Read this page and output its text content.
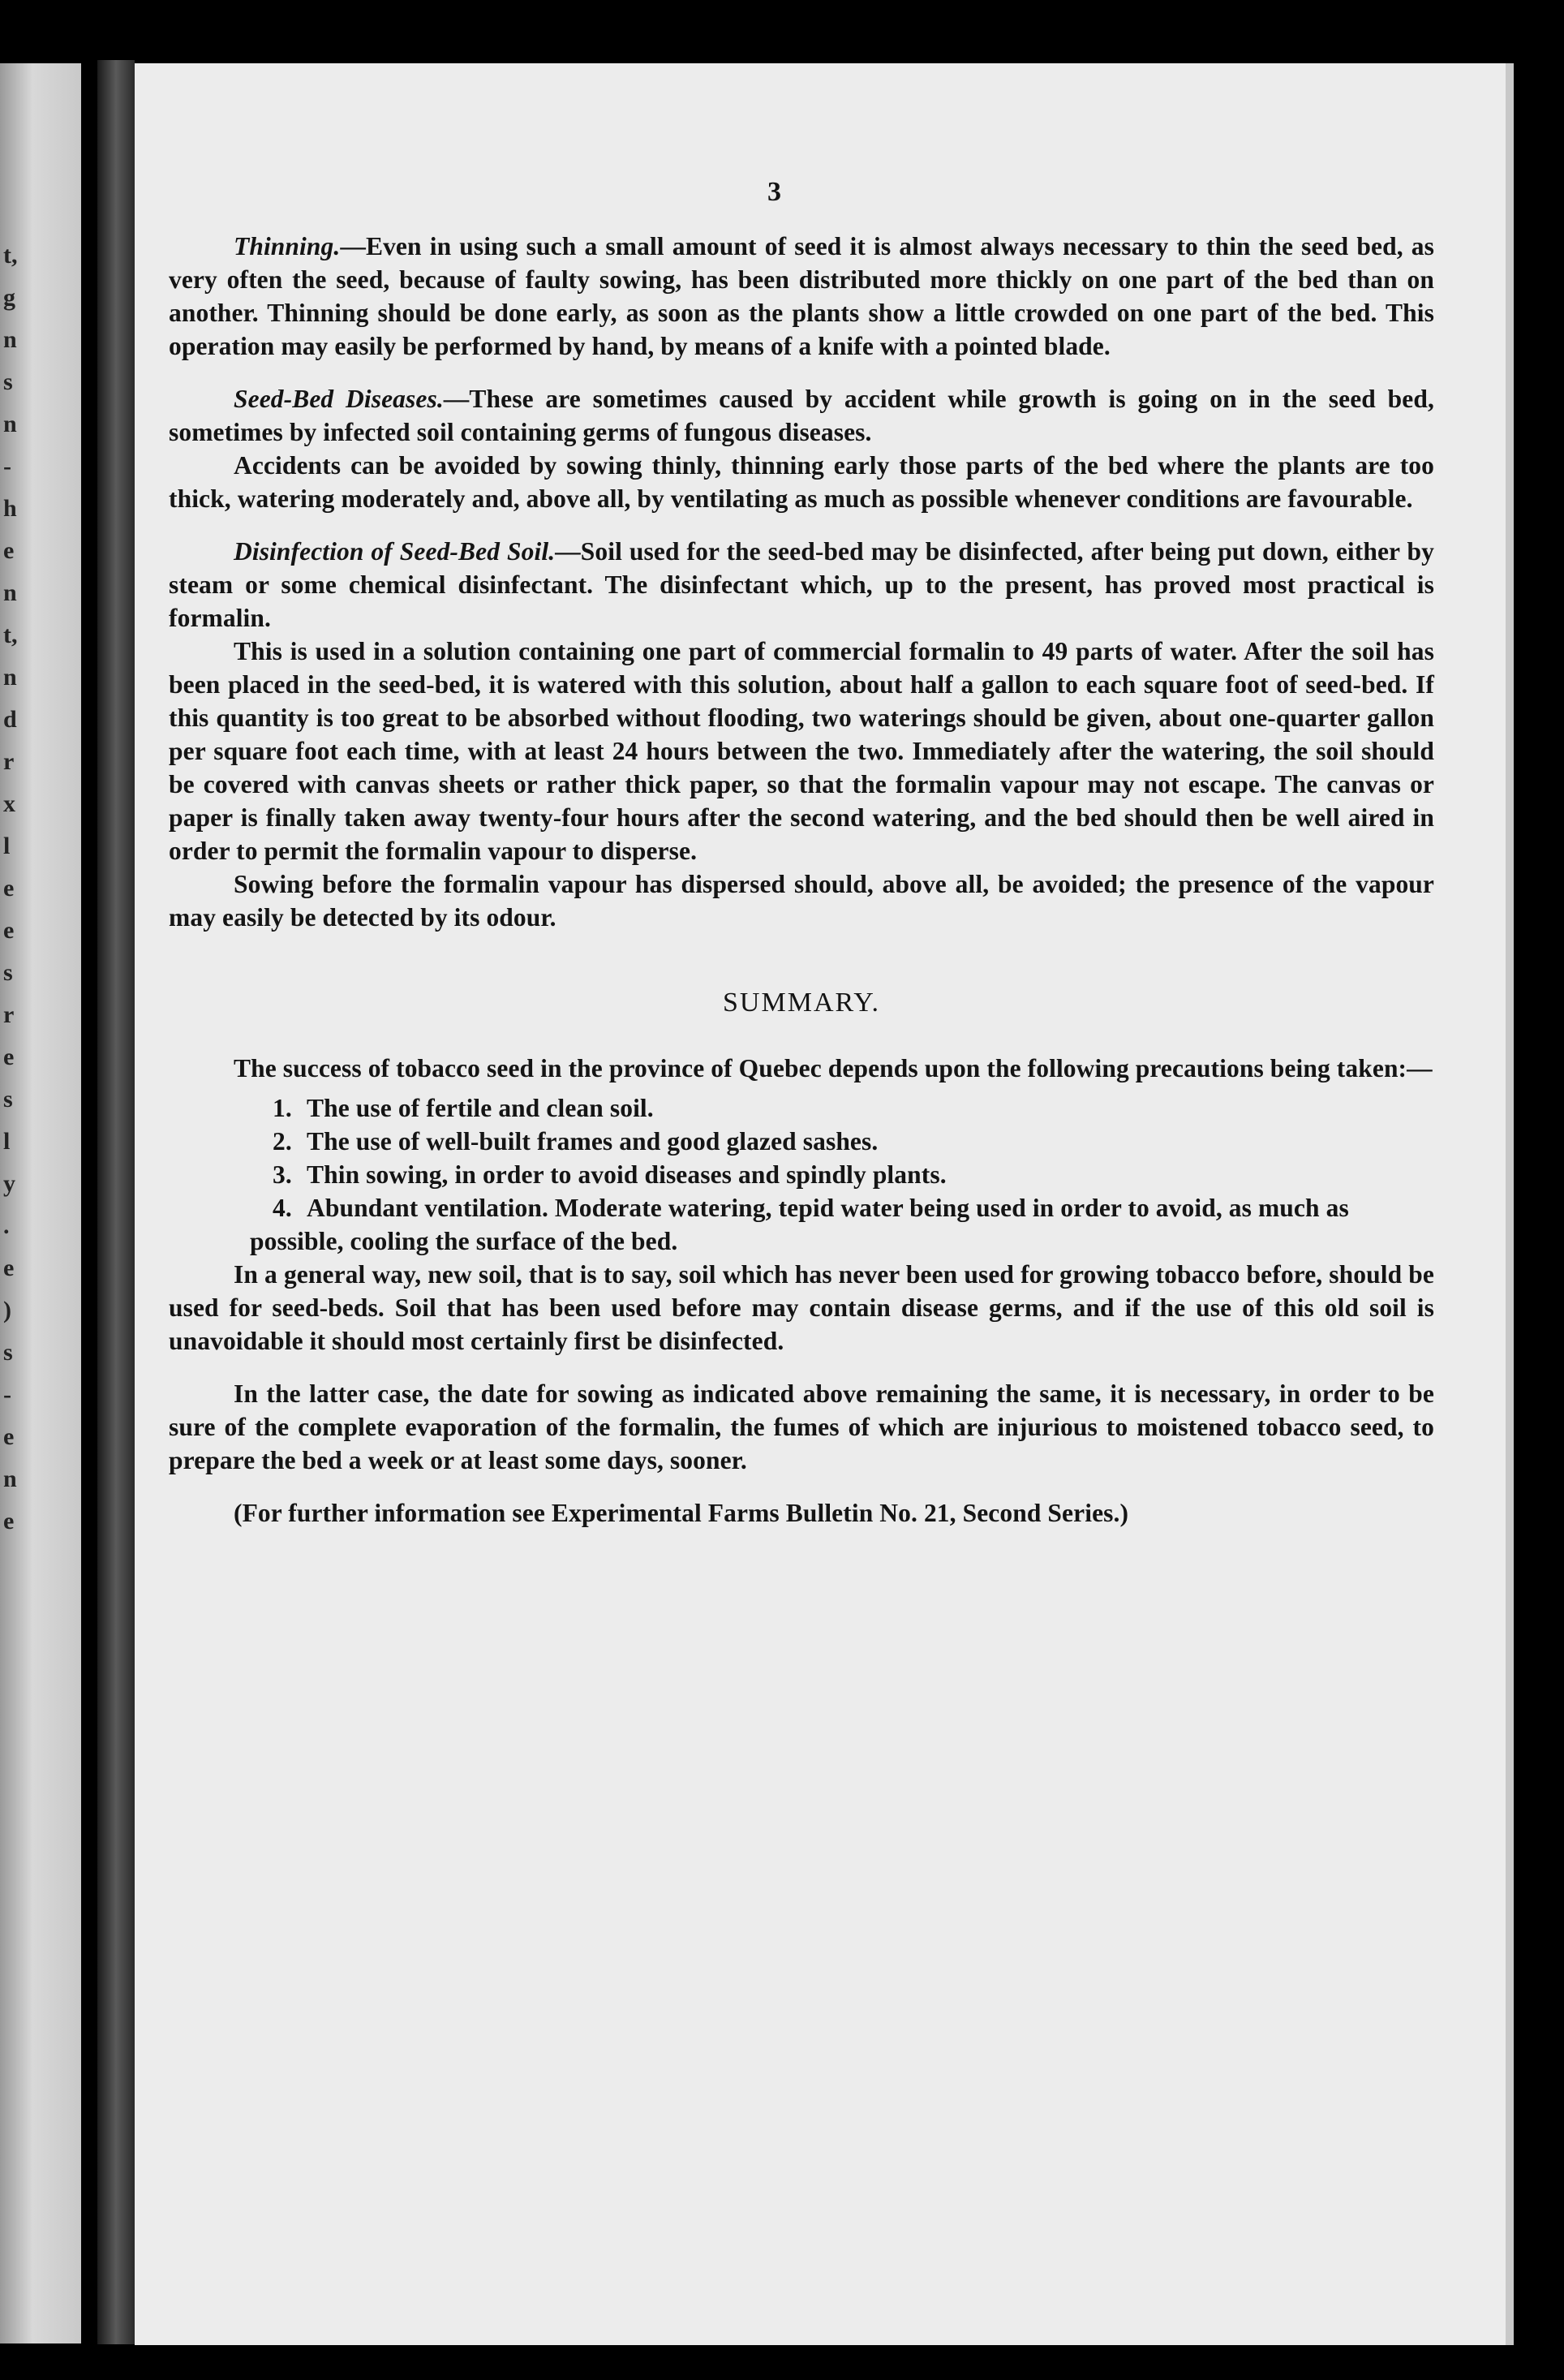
t,
g
n
s
n
-
h
e
n
t,
n
d
r
x
l
e
e
s
r
e
s
l
y
.
e
)
s
-
e
n
e
3

Thinning.—Even in using such a small amount of seed it is almost always necessary to thin the seed bed, as very often the seed, because of faulty sowing, has been distributed more thickly on one part of the bed than on another. Thinning should be done early, as soon as the plants show a little crowded on one part of the bed. This operation may easily be performed by hand, by means of a knife with a pointed blade.

Seed-Bed Diseases.—These are sometimes caused by accident while growth is going on in the seed bed, sometimes by infected soil containing germs of fungous diseases.

Accidents can be avoided by sowing thinly, thinning early those parts of the bed where the plants are too thick, watering moderately and, above all, by ventilating as much as possible whenever conditions are favourable.

Disinfection of Seed-Bed Soil.—Soil used for the seed-bed may be disinfected, after being put down, either by steam or some chemical disinfectant. The disinfectant which, up to the present, has proved most practical is formalin.

This is used in a solution containing one part of commercial formalin to 49 parts of water. After the soil has been placed in the seed-bed, it is watered with this solution, about half a gallon to each square foot of seed-bed. If this quantity is too great to be absorbed without flooding, two waterings should be given, about one-quarter gallon per square foot each time, with at least 24 hours between the two. Immediately after the watering, the soil should be covered with canvas sheets or rather thick paper, so that the formalin vapour may not escape. The canvas or paper is finally taken away twenty-four hours after the second watering, and the bed should then be well aired in order to permit the formalin vapour to disperse.

Sowing before the formalin vapour has dispersed should, above all, be avoided; the presence of the vapour may easily be detected by its odour.

SUMMARY.

The success of tobacco seed in the province of Quebec depends upon the following precautions being taken:—

1. The use of fertile and clean soil.
2. The use of well-built frames and good glazed sashes.
3. Thin sowing, in order to avoid diseases and spindly plants.
4. Abundant ventilation. Moderate watering, tepid water being used in order to avoid, as much as possible, cooling the surface of the bed.

In a general way, new soil, that is to say, soil which has never been used for growing tobacco before, should be used for seed-beds. Soil that has been used before may contain disease germs, and if the use of this old soil is unavoidable it should most certainly first be disinfected.

In the latter case, the date for sowing as indicated above remaining the same, it is necessary, in order to be sure of the complete evaporation of the formalin, the fumes of which are injurious to moistened tobacco seed, to prepare the bed a week or at least some days, sooner.

(For further information see Experimental Farms Bulletin No. 21, Second Series.)
